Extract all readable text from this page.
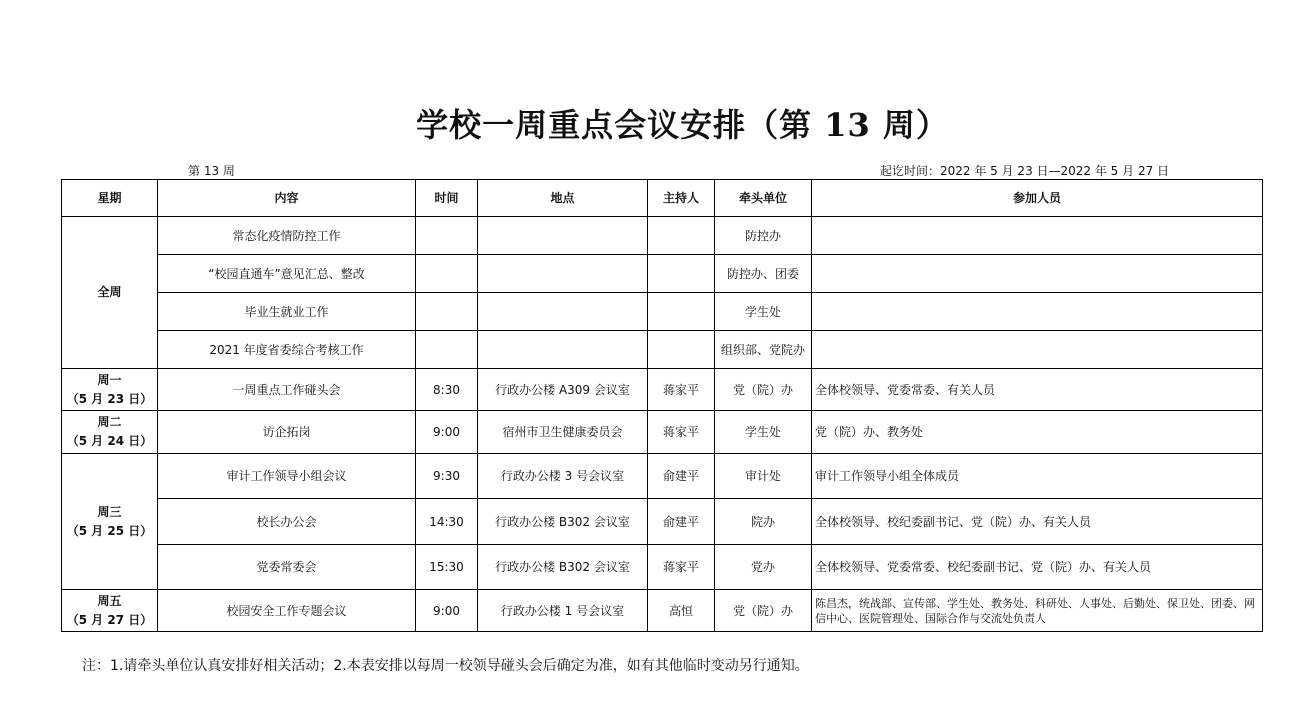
学校一周重点会议安排（第 13 周）
第 13 周	起讫时间：2022 年 5 月 23 日—2022 年 5 月 27 日
星期	内容	时间	地点	主持人	牵头单位	参加人员
全周	常态化疫情防控工作				防控办	
	“校园直通车”意见汇总、整改				防控办、团委	
	毕业生就业工作				学生处	
	2021 年度省委综合考核工作				组织部、党院办	

周一
（5 月 23 日）	一周重点工作碰头会	8:30	行政办公楼 A309 会议室	蒋家平	党（院）办	全体校领导、党委常委、有关人员

周二
（5 月 24 日）	访企拓岗	9:00	宿州市卫生健康委员会	蒋家平	学生处	党（院）办、教务处

周三
（5 月 25 日）	审计工作领导小组会议	9:30	行政办公楼 3 号会议室	俞建平	审计处	审计工作领导小组全体成员
	校长办公会	14:30	行政办公楼 B302 会议室	俞建平	院办	全体校领导、校纪委副书记、党（院）办、有关人员
	党委常委会	15:30	行政办公楼 B302 会议室	蒋家平	党办	全体校领导、党委常委、校纪委副书记、党（院）办、有关人员

周五
（5 月 27 日）	校园安全工作专题会议	9:00	行政办公楼 1 号会议室	高恒	党（院）办	陈昌杰，统战部、宣传部、学生处、教务处、科研处、人事处、后勤处、保卫处、团委、网信中心、医院管理处、国际合作与交流处负责人
注：1.请牵头单位认真安排好相关活动；2.本表安排以每周一校领导碰头会后确定为准，如有其他临时变动另行通知。
